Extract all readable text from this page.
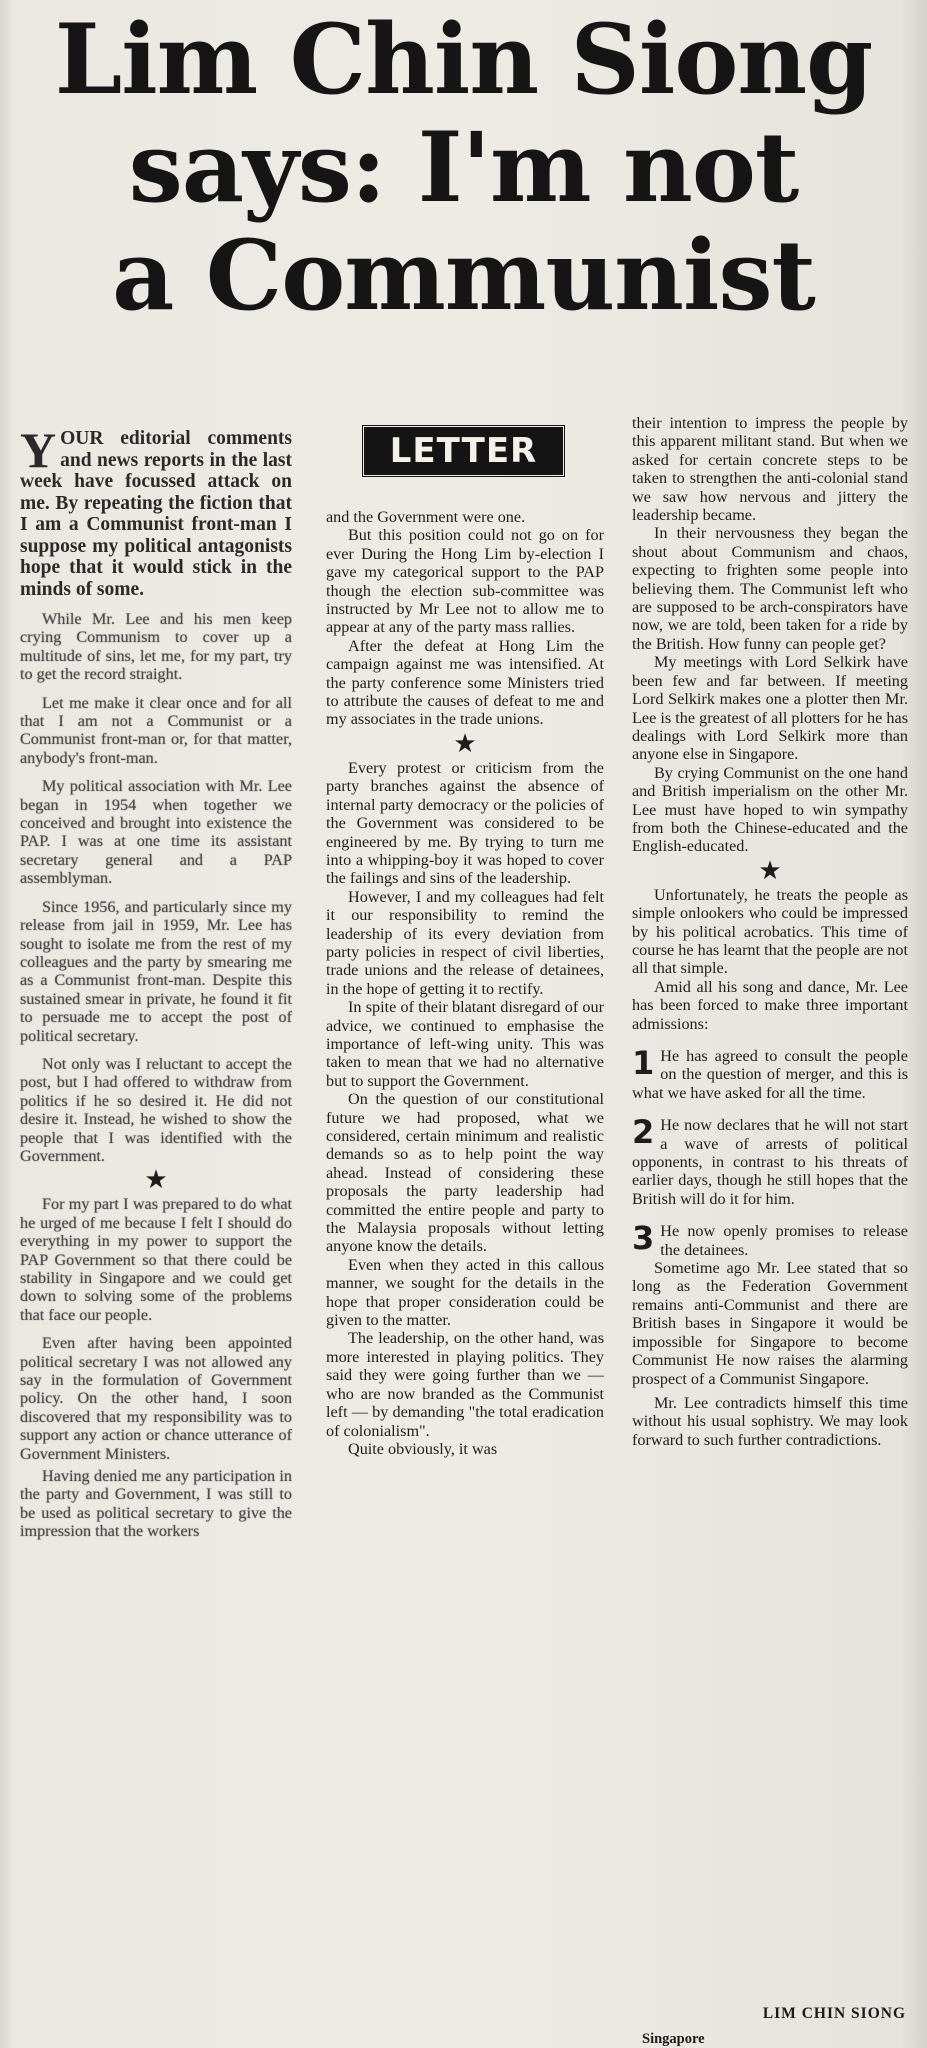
Lim Chin Siong
says: I'm not
a Communist
LETTER

YOUR editorial comments and news reports in the last week have focussed attack on me. By repeating the fiction that I am a Communist front-man I suppose my political antagonists hope that it would stick in the minds of some.

While Mr. Lee and his men keep crying Communism to cover up a multitude of sins, let me, for my part, try to get the record straight.

Let me make it clear once and for all that I am not a Communist or a Communist front-man or, for that matter, anybody's front-man.

My political association with Mr. Lee began in 1954 when together we conceived and brought into existence the PAP. I was at one time its assistant secretary general and a PAP assemblyman.

Since 1956, and particularly since my release from jail in 1959, Mr. Lee has sought to isolate me from the rest of my colleagues and the party by smearing me as a Communist front-man. Despite this sustained smear in private, he found it fit to persuade me to accept the post of political secretary.

Not only was I reluctant to accept the post, but I had offered to withdraw from politics if he so desired it. He did not desire it. Instead, he wished to show the people that I was identified with the Government.

★

For my part I was prepared to do what he urged of me because I felt I should do everything in my power to support the PAP Government so that there could be stability in Singapore and we could get down to solving some of the problems that face our people.

Even after having been appointed political secretary I was not allowed any say in the formulation of Government policy. On the other hand, I soon discovered that my responsibility was to support any action or chance utterance of Government Ministers.

Having denied me any participation in the party and Government, I was still to be used as political secretary to give the impression that the workers

and the Government were one.

But this position could not go on for ever During the Hong Lim by-election I gave my categorical support to the PAP though the election sub-committee was instructed by Mr Lee not to allow me to appear at any of the party mass rallies.

After the defeat at Hong Lim the campaign against me was intensified. At the party conference some Ministers tried to attribute the causes of defeat to me and my associates in the trade unions.

★

Every protest or criticism from the party branches against the absence of internal party democracy or the policies of the Government was considered to be engineered by me. By trying to turn me into a whipping-boy it was hoped to cover the failings and sins of the leadership.

However, I and my colleagues had felt it our responsibility to remind the leadership of its every deviation from party policies in respect of civil liberties, trade unions and the release of detainees, in the hope of getting it to rectify.

In spite of their blatant disregard of our advice, we continued to emphasise the importance of left-wing unity. This was taken to mean that we had no alternative but to support the Government.

On the question of our constitutional future we had proposed, what we considered, certain minimum and realistic demands so as to help point the way ahead. Instead of considering these proposals the party leadership had committed the entire people and party to the Malaysia proposals without letting anyone know the details.

Even when they acted in this callous manner, we sought for the details in the hope that proper consideration could be given to the matter.

The leadership, on the other hand, was more interested in playing politics. They said they were going further than we — who are now branded as the Communist left — by demanding "the total eradication of colonialism".

Quite obviously, it was

their intention to impress the people by this apparent militant stand. But when we asked for certain concrete steps to be taken to strengthen the anti-colonial stand we saw how nervous and jittery the leadership became.

In their nervousness they began the shout about Communism and chaos, expecting to frighten some people into believing them. The Communist left who are supposed to be arch-conspirators have now, we are told, been taken for a ride by the British. How funny can people get?

My meetings with Lord Selkirk have been few and far between. If meeting Lord Selkirk makes one a plotter then Mr. Lee is the greatest of all plotters for he has dealings with Lord Selkirk more than anyone else in Singapore.

By crying Communist on the one hand and British imperialism on the other Mr. Lee must have hoped to win sympathy from both the Chinese-educated and the English-educated.

★

Unfortunately, he treats the people as simple onlookers who could be impressed by his political acrobatics. This time of course he has learnt that the people are not all that simple.

Amid all his song and dance, Mr. Lee has been forced to make three important admissions:

1 He has agreed to consult the people on the question of merger, and this is what we have asked for all the time.

2 He now declares that he will not start a wave of arrests of political opponents, in contrast to his threats of earlier days, though he still hopes that the British will do it for him.

3 He now openly promises to release the detainees.

Sometime ago Mr. Lee stated that so long as the Federation Government remains anti-Communist and there are British bases in Singapore it would be impossible for Singapore to become Communist He now raises the alarming prospect of a Communist Singapore.

Mr. Lee contradicts himself this time without his usual sophistry. We may look forward to such further contradictions.

LIM CHIN SIONG
Singapore
